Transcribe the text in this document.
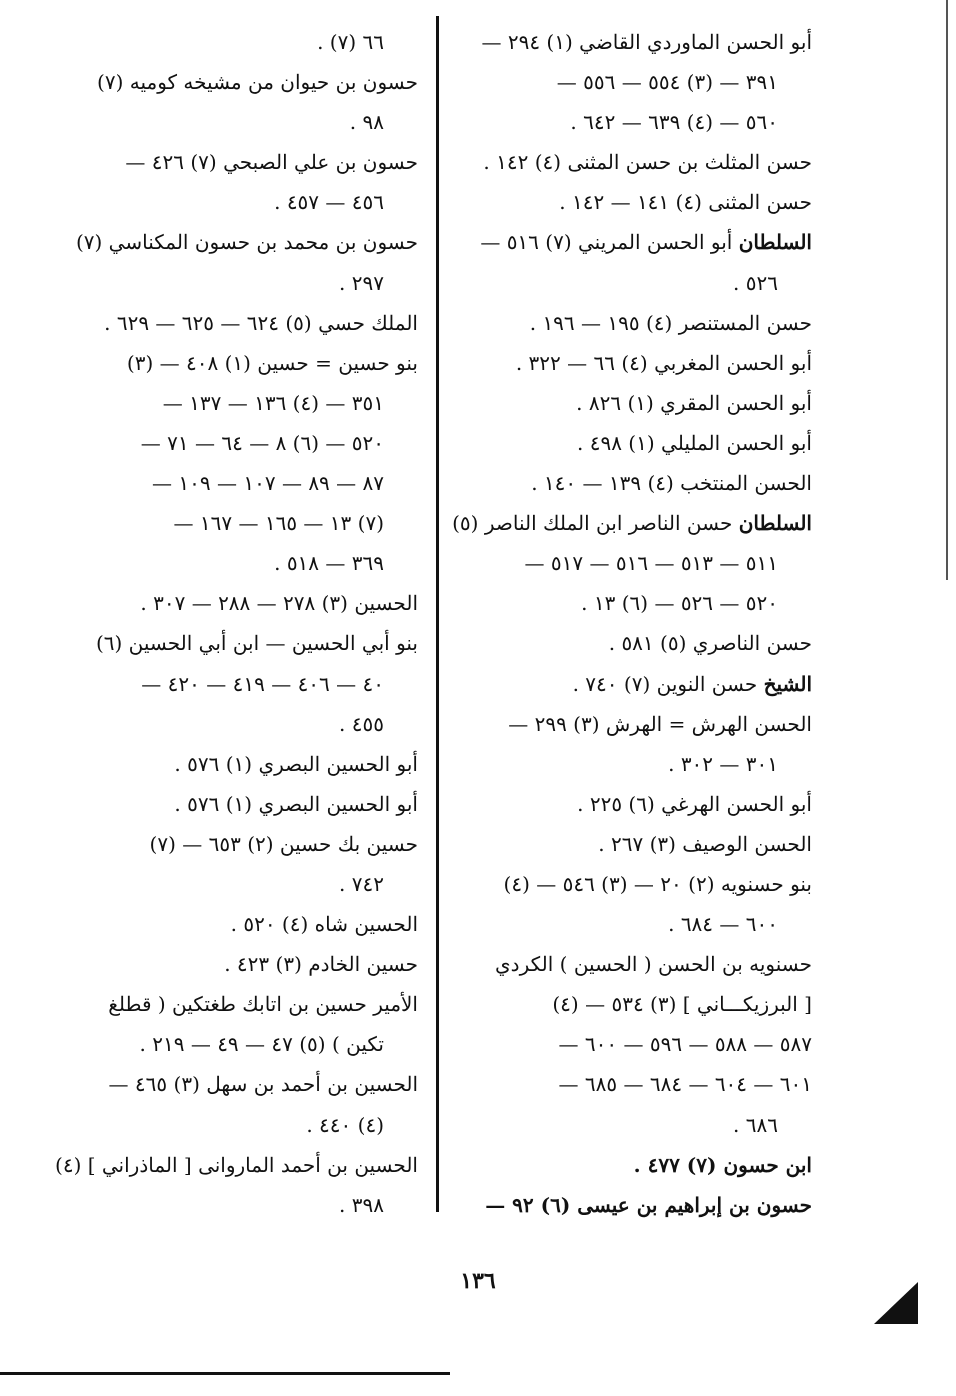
أبو الحسن الماوردي القاضي (١) ٢٩٤ —
٣٩١ — (٣) ٥٥٤ — ٥٥٦ —
٥٦٠ — (٤) ٦٣٩ — ٦٤٢ .
حسن المثلث بن حسن المثنى (٤) ١٤٢ .
حسن المثنى (٤) ١٤١ — ١٤٢ .
السلطان أبو الحسن المريني (٧) ٥١٦ —
٥٢٦ .
حسن المستنصر (٤) ١٩٥ — ١٩٦ .
أبو الحسن المغربي (٤) ٦٦ — ٣٢٢ .
أبو الحسن المقري (١) ٨٢٦ .
أبو الحسن المليلي (١) ٤٩٨ .
الحسن المنتخب (٤) ١٣٩ — ١٤٠ .
السلطان حسن الناصر ابن الملك الناصر (٥)
٥١١ — ٥١٣ — ٥١٦ — ٥١٧ —
٥٢٠ — ٥٢٦ — (٦) ١٣ .
حسن الناصري (٥) ٥٨١ .
الشيخ حسن النوين (٧) ٧٤٠ .
الحسن الهرش = الهرش (٣) ٢٩٩ —
٣٠١ — ٣٠٢ .
أبو الحسن الهرغي (٦) ٢٢٥ .
الحسن الوصيف (٣) ٢٦٧ .
بنو حسنويه (٢) ٢٠ — (٣) ٥٤٦ — (٤)
٦٠٠ — ٦٨٤ .
حسنويه بن الحسن ( الحسين ) الكردي
[ البرزيكـــاني ] (٣) ٥٣٤ — (٤)
٥٨٧ — ٥٨٨ — ٥٩٦ — ٦٠٠ —
٦٠١ — ٦٠٤ — ٦٨٤ — ٦٨٥ —
٦٨٦ .
ابن حسون (٧) ٤٧٧ .
حسون بن إبراهيم بن عيسى (٦) ٩٢ —
٦٦ (٧) .
حسون بن حيوان من مشيخه كوميه (٧)
٩٨ .
حسون بن علي الصبحي (٧) ٤٢٦ —
٤٥٦ — ٤٥٧ .
حسون بن محمد بن حسون المكناسي (٧)
٢٩٧ .
الملك حسي (٥) ٦٢٤ — ٦٢٥ — ٦٢٩ .
بنو حسين = حسين (١) ٤٠٨ — (٣)
٣٥١ — (٤) ١٣٦ — ١٣٧ —
٥٢٠ — (٦) ٨ — ٦٤ — ٧١ —
٨٧ — ٨٩ — ١٠٧ — ١٠٩ —
(٧) ١٣ — ١٦٥ — ١٦٧ —
٣٦٩ — ٥١٨ .
الحسين (٣) ٢٧٨ — ٢٨٨ — ٣٠٧ .
بنو أبي الحسين — ابن أبي الحسين (٦)
٤٠ — ٤٠٦ — ٤١٩ — ٤٢٠ —
٤٥٥ .
أبو الحسين البصري (١) ٥٧٦ .
أبو الحسين البصري (١) ٥٧٦ .
حسين بك حسين (٢) ٦٥٣ — (٧)
٧٤٢ .
الحسين شاه (٤) ٥٢٠ .
حسين الخادم (٣) ٤٢٣ .
الأمير حسين بن اتابك طغتكين ( قطلغ
تكين ) (٥) ٤٧ — ٤٩ — ٢١٩ .
الحسين بن أحمد بن سهل (٣) ٤٦٥ —
(٤) ٤٤٠ .
الحسين بن أحمد الماروانى [ الماذراني ] (٤)
٣٩٨ .
١٣٦
